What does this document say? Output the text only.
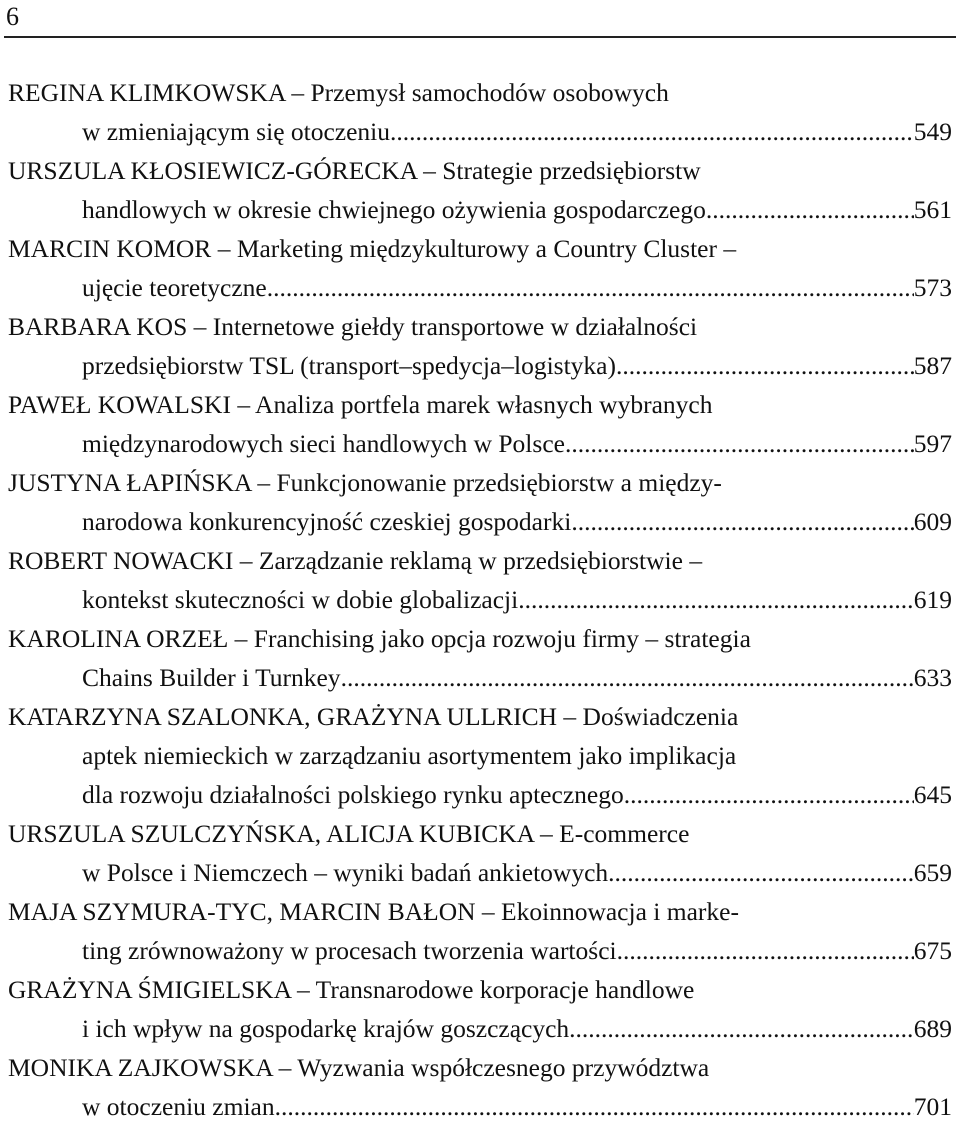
6
REGINA KLIMKOWSKA – Przemysł samochodów osobowych
w zmieniającym się otoczeniu .....	549
URSZULA KŁOSIEWICZ-GÓRECKA – Strategie przedsiębiorstw
handlowych w okresie chwiejnego ożywienia gospodarczego .....	561
MARCIN KOMOR – Marketing międzykulturowy a Country Cluster –
ujęcie teoretyczne .....	573
BARBARA KOS – Internetowe giełdy transportowe w działalności
przedsiębiorstw TSL (transport–spedycja–logistyka) .....	587
PAWEŁ KOWALSKI – Analiza portfela marek własnych wybranych
międzynarodowych sieci handlowych w Polsce .....	597
JUSTYNA ŁAPIŃSKA – Funkcjonowanie przedsiębiorstw a między-
narodowa konkurencyjność czeskiej gospodarki .....	609
ROBERT NOWACKI – Zarządzanie reklamą w przedsiębiorstwie –
kontekst skuteczności w dobie globalizacji .....	619
KAROLINA ORZEŁ – Franchising jako opcja rozwoju firmy – strategia
Chains Builder i Turnkey .....	633
KATARZYNA SZALONKA, GRAŻYNA ULLRICH – Doświadczenia
aptek niemieckich w zarządzaniu asortymentem jako implikacja
dla rozwoju działalności polskiego rynku aptecznego .....	645
URSZULA SZULCZYŃSKA, ALICJA KUBICKA – E-commerce
w Polsce i Niemczech – wyniki badań ankietowych .....	659
MAJA SZYMURA-TYC, MARCIN BAŁON – Ekoinnowacja i marke-
ting zrównoważony w procesach tworzenia wartości .....	675
GRAŻYNA ŚMIGIELSKA – Transnarodowe korporacje handlowe
i ich wpływ na gospodarkę krajów goszczących .....	689
MONIKA ZAJKOWSKA – Wyzwania współczesnego przywództwa
w otoczeniu zmian .....	701
